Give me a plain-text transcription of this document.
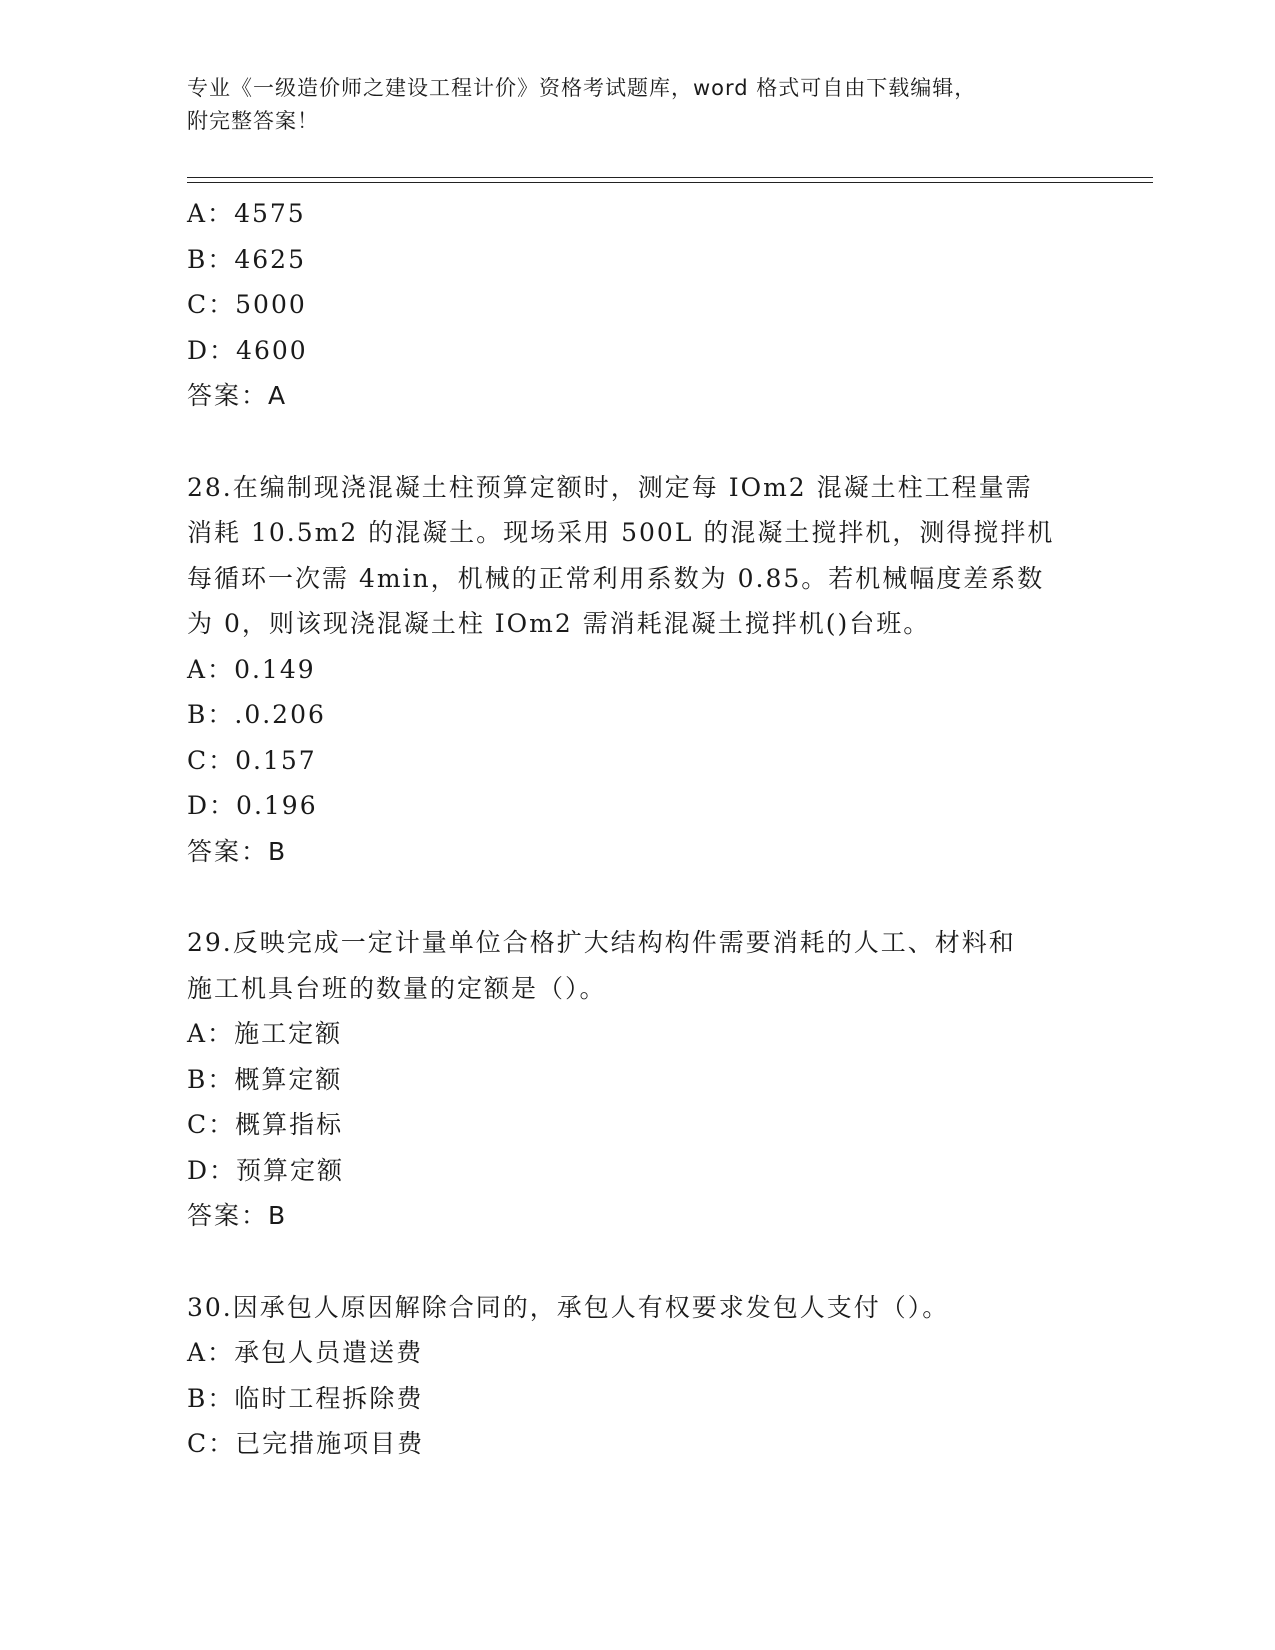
专业《一级造价师之建设工程计价》资格考试题库，word 格式可自由下载编辑，
附完整答案！
A：4575
B：4625
C：5000
D：4600
答案：A
28.在编制现浇混凝土柱预算定额时，测定每 IOm2 混凝土柱工程量需
消耗 10.5m2 的混凝土。现场采用 500L 的混凝土搅拌机，测得搅拌机
每循环一次需 4min，机械的正常利用系数为 0.85。若机械幅度差系数
为 0，则该现浇混凝土柱 IOm2 需消耗混凝土搅拌机()台班。
A：0.149
B：.0.206
C：0.157
D：0.196
答案：B
29.反映完成一定计量单位合格扩大结构构件需要消耗的人工、材料和
施工机具台班的数量的定额是（）。
A：施工定额
B：概算定额
C：概算指标
D：预算定额
答案：B
30.因承包人原因解除合同的，承包人有权要求发包人支付（）。
A：承包人员遣送费
B：临时工程拆除费
C：已完措施项目费
